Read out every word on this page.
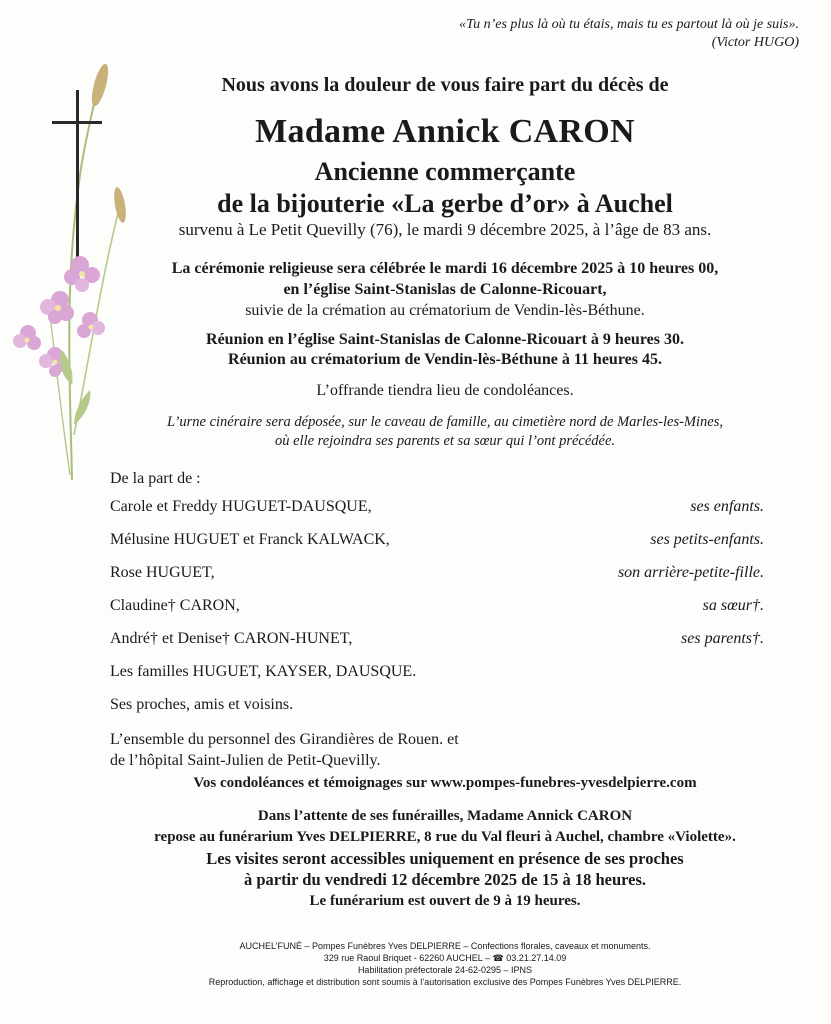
«Tu n’es plus là où tu étais, mais tu es partout là où je suis».
(Victor HUGO)
Nous avons la douleur de vous faire part du décès de
Madame Annick CARON
Ancienne commerçante
de la bijouterie «La gerbe d’or» à Auchel
survenu à Le Petit Quevilly (76), le mardi 9 décembre 2025, à l’âge de 83 ans.
La cérémonie religieuse sera célébrée le mardi 16 décembre 2025 à 10 heures 00,
en l’église Saint-Stanislas de Calonne-Ricouart,
suivie de la crémation au crématorium de Vendin-lès-Béthune.
Réunion en l’église Saint-Stanislas de Calonne-Ricouart à 9 heures 30.
Réunion au crématorium de Vendin-lès-Béthune à 11 heures 45.
L’offrande tiendra lieu de condoléances.
L’urne cinéraire sera déposée, sur le caveau de famille, au cimetière nord de Marles-les-Mines,
où elle rejoindra ses parents et sa sœur qui l’ont précédée.
De la part de :
Carole et Freddy HUGUET-DAUSQUE,	ses enfants.
Mélusine HUGUET et Franck KALWACK,	ses petits-enfants.
Rose HUGUET,	son arrière-petite-fille.
Claudine† CARON,	sa sœur†.
André† et Denise† CARON-HUNET,	ses parents†.
Les familles HUGUET, KAYSER, DAUSQUE.
Ses proches, amis et voisins.
L’ensemble du personnel des Girandières de Rouen. et
de l’hôpital Saint-Julien de Petit-Quevilly.
Vos condoléances et témoignages sur www.pompes-funebres-yvesdelpierre.com
Dans l’attente de ses funérailles, Madame Annick CARON
repose au funérarium Yves DELPIERRE, 8 rue du Val fleuri à Auchel, chambre «Violette».
Les visites seront accessibles uniquement en présence de ses proches
à partir du vendredi 12 décembre 2025 de 15 à 18 heures.
Le funérarium est ouvert de 9 à 19 heures.
AUCHEL’FUNÉ – Pompes Funèbres Yves DELPIERRE – Confections florales, caveaux et monuments.
329 rue Raoul Briquet - 62260 AUCHEL – ☎ 03.21.27.14.09
Habilitation préfectorale 24-62-0295 – IPNS
Reproduction, affichage et distribution sont soumis à l’autorisation exclusive des Pompes Funèbres Yves DELPIERRE.
